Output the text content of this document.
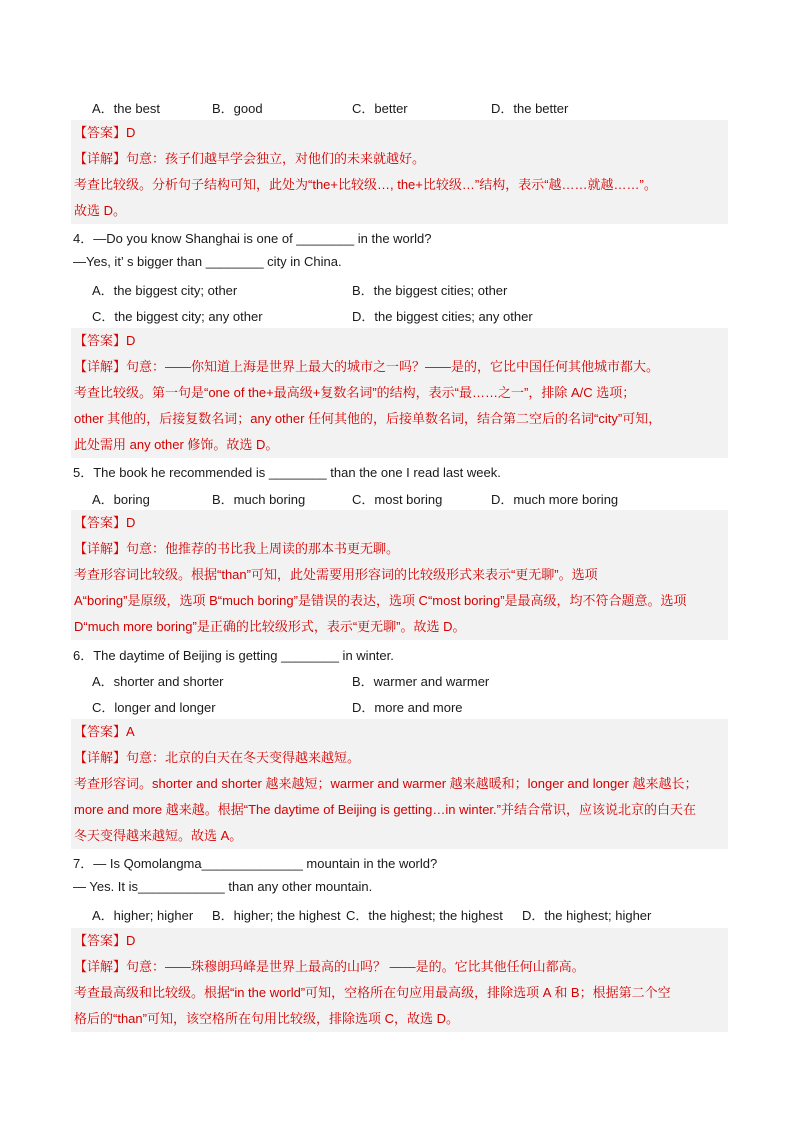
A．the best	B．good	C．better	D．the better
【答案】D
【详解】句意：孩子们越早学会独立，对他们的未来就越好。
考查比较级。分析句子结构可知，此处为“the+比较级…, the+比较级…”结构，表示“越……就越……”。
故选 D。
4．—Do you know Shanghai is one of ________ in the world?
—Yes, it’ s bigger than ________ city in China.
A．the biggest city; other	B．the biggest cities; other
C．the biggest city; any other	D．the biggest cities; any other
【答案】D
【详解】句意：——你知道上海是世界上最大的城市之一吗？——是的，它比中国任何其他城市都大。
考查比较级。第一句是“one of the+最高级+复数名词”的结构，表示“最……之一”，排除 A/C 选项；
other 其他的，后接复数名词；any other 任何其他的，后接单数名词，结合第二空后的名词“city”可知，
此处需用 any other 修饰。故选 D。
5．The book he recommended is ________ than the one I read last week.
A．boring	B．much boring	C．most boring	D．much more boring
【答案】D
【详解】句意：他推荐的书比我上周读的那本书更无聊。
考查形容词比较级。根据“than”可知，此处需要用形容词的比较级形式来表示“更无聊”。选项
A“boring”是原级，选项 B“much boring”是错误的表达，选项 C“most boring”是最高级，均不符合题意。选项
D“much more boring”是正确的比较级形式，表示“更无聊”。故选 D。
6．The daytime of Beijing is getting ________ in winter.
A．shorter and shorter	B．warmer and warmer
C．longer and longer	D．more and more
【答案】A
【详解】句意：北京的白天在冬天变得越来越短。
考查形容词。shorter and shorter 越来越短；warmer and warmer 越来越暖和；longer and longer 越来越长；
more and more 越来越。根据“The daytime of Beijing is getting…in winter.”并结合常识，应该说北京的白天在
冬天变得越来越短。故选 A。
7．— Is Qomolangma______________ mountain in the world?
— Yes. It is____________ than any other mountain.
A．higher; higher B．higher; the highest C．the highest; the highest D．the highest; higher
【答案】D
【详解】句意：——珠穆朗玛峰是世界上最高的山吗？ ——是的。它比其他任何山都高。
考查最高级和比较级。根据“in the world”可知，空格所在句应用最高级，排除选项 A 和 B；根据第二个空
格后的“than”可知，该空格所在句用比较级，排除选项 C，故选 D。
